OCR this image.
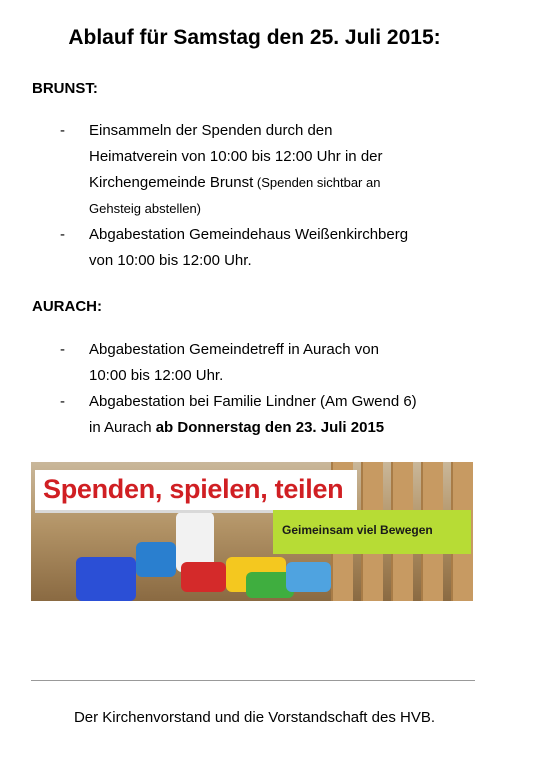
Ablauf für Samstag den 25. Juli 2015:
BRUNST:
- Einsammeln der Spenden durch den
Heimatverein von 10:00 bis 12:00 Uhr in der
Kirchengemeinde Brunst (Spenden sichtbar an
Gehsteig abstellen)
- Abgabestation Gemeindehaus Weißenkirchberg
von 10:00 bis 12:00 Uhr.
AURACH:
- Abgabestation Gemeindetreff in Aurach von
10:00 bis 12:00 Uhr.
- Abgabestation bei Familie Lindner (Am Gwend 6)
in Aurach ab Donnerstag den 23. Juli 2015
Spenden, spielen, teilen
Geimeinsam viel Bewegen
Der Kirchenvorstand und die Vorstandschaft des HVB.
